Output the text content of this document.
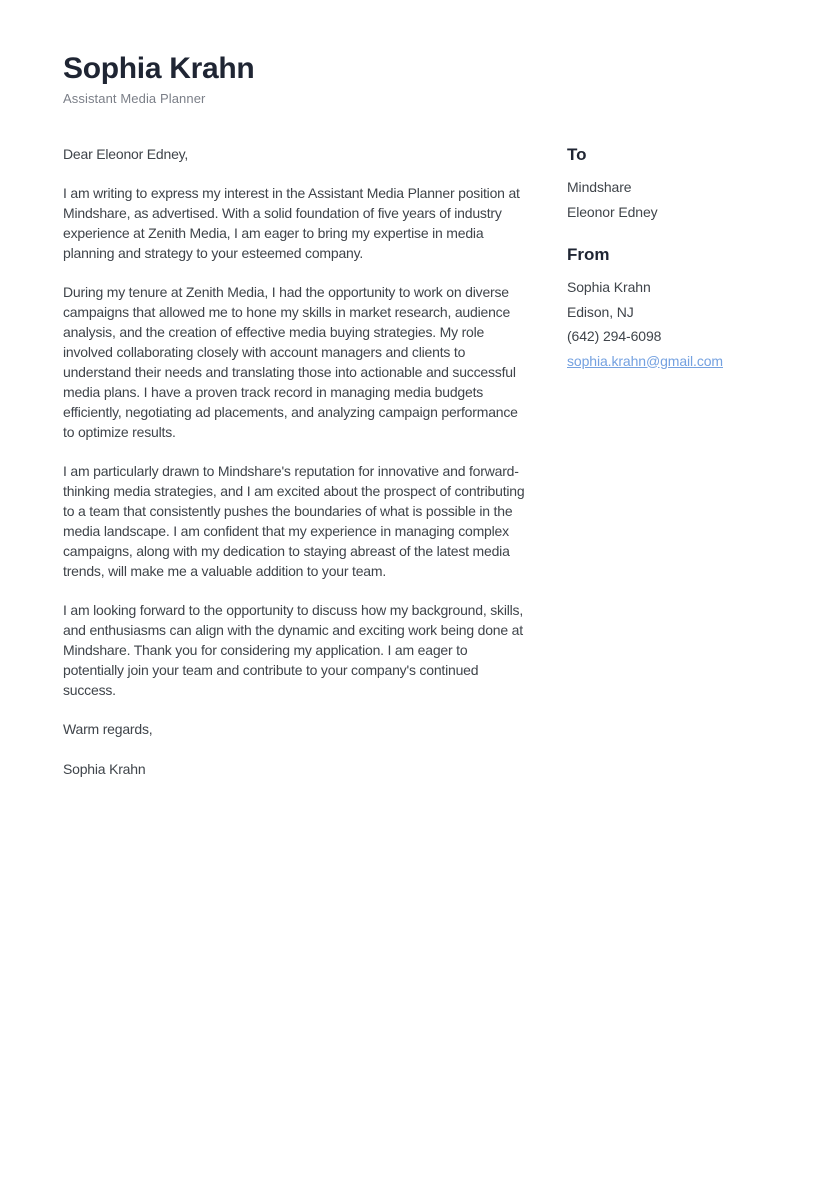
Sophia Krahn
Assistant Media Planner

Dear Eleonor Edney,

I am writing to express my interest in the Assistant Media Planner position at Mindshare, as advertised. With a solid foundation of five years of industry experience at Zenith Media, I am eager to bring my expertise in media planning and strategy to your esteemed company.

During my tenure at Zenith Media, I had the opportunity to work on diverse campaigns that allowed me to hone my skills in market research, audience analysis, and the creation of effective media buying strategies. My role involved collaborating closely with account managers and clients to understand their needs and translating those into actionable and successful media plans. I have a proven track record in managing media budgets efficiently, negotiating ad placements, and analyzing campaign performance to optimize results.

I am particularly drawn to Mindshare's reputation for innovative and forward-thinking media strategies, and I am excited about the prospect of contributing to a team that consistently pushes the boundaries of what is possible in the media landscape. I am confident that my experience in managing complex campaigns, along with my dedication to staying abreast of the latest media trends, will make me a valuable addition to your team.

I am looking forward to the opportunity to discuss how my background, skills, and enthusiasms can align with the dynamic and exciting work being done at Mindshare. Thank you for considering my application. I am eager to potentially join your team and contribute to your company's continued success.

Warm regards,

Sophia Krahn

To
Mindshare
Eleonor Edney
From
Sophia Krahn
Edison, NJ
(642) 294-6098
sophia.krahn@gmail.com
